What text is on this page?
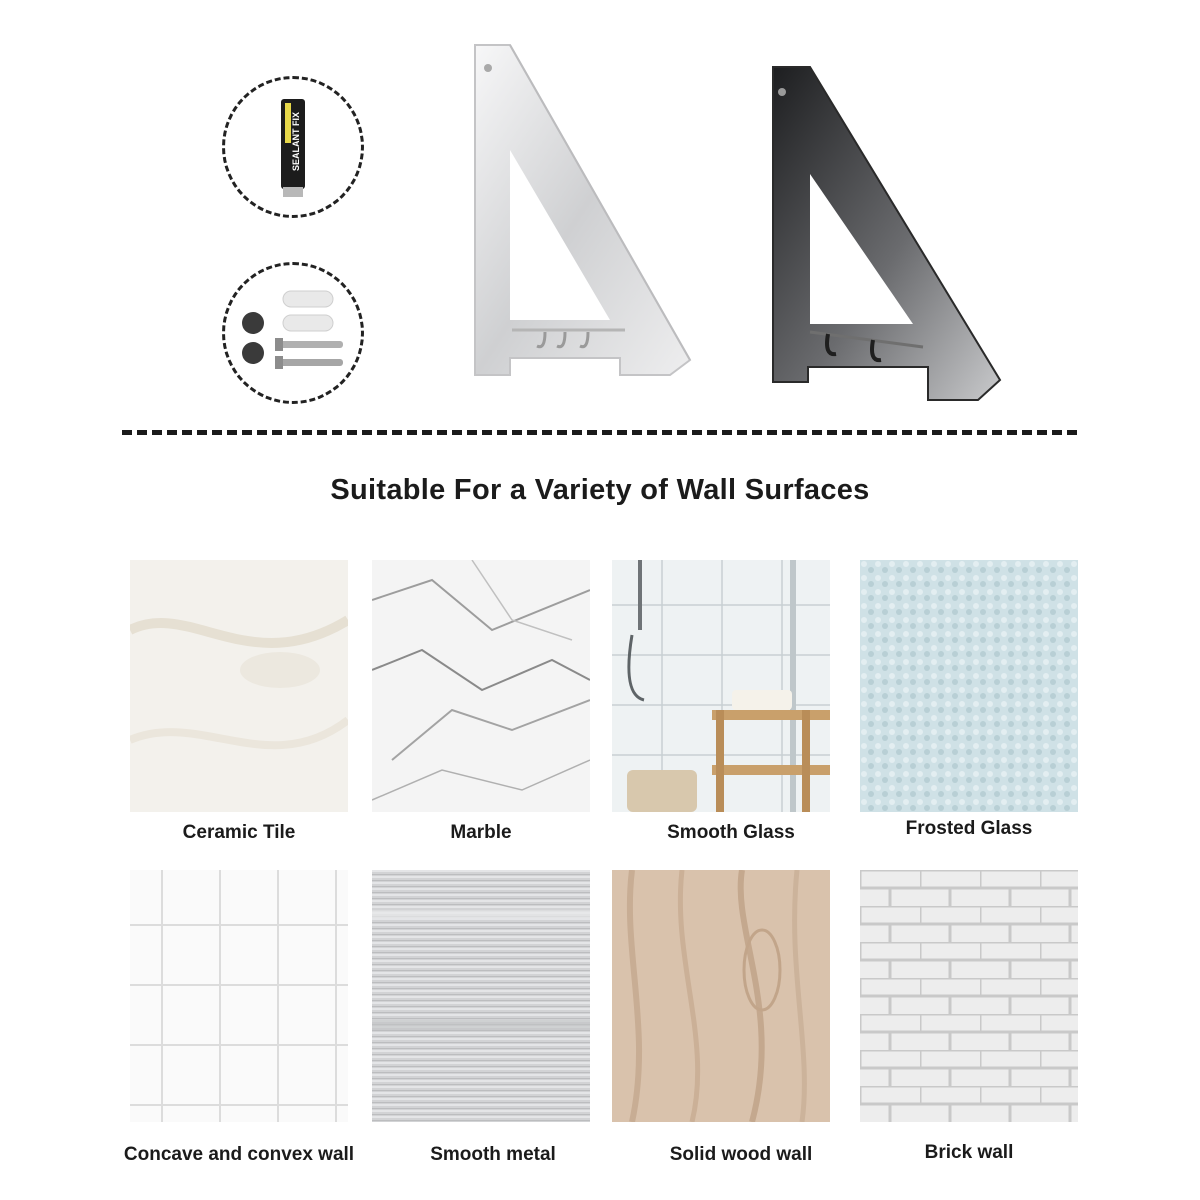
SEALANT FIX
Suitable For a Variety of Wall Surfaces
Ceramic Tile	Marble	Smooth Glass	Frosted Glass
Concave and convex wall	Smooth metal	Solid wood wall	Brick wall
